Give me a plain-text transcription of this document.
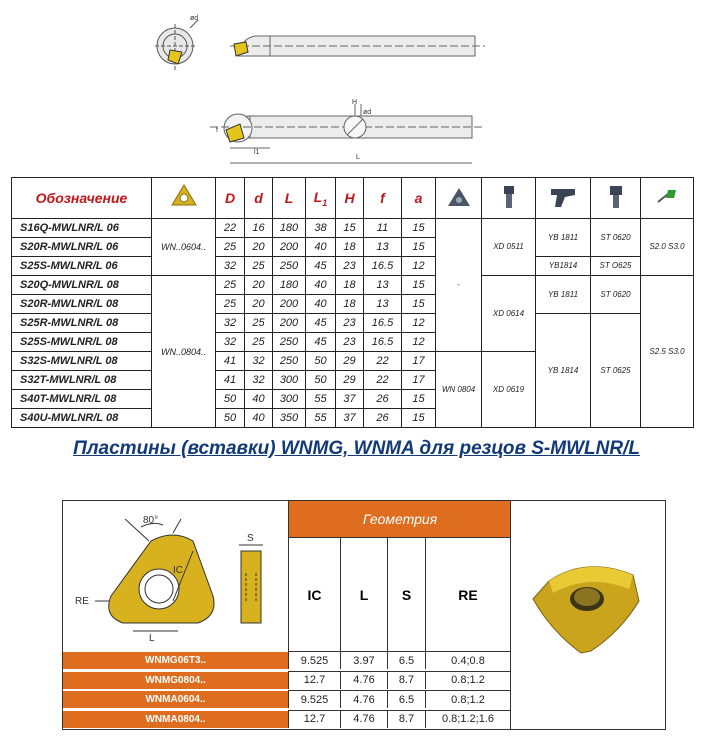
ød
H
ød
f
l1
L
Обозначение		D	d	L	$L_1$	H	f	a					
S16Q-MWLNR/L 06	WN..0604..	22	16	180	38	15	11	15	-	XD 0511	YB 1811	ST 0620	S2.0 S3.0
S20R-MWLNR/L 06		25	20	200	40	18	13	15					
S25S-MWLNR/L 06		32	25	250	45	23	16.5	12			YB1814	ST O625	
S20Q-MWLNR/L 08	WN..0804..	25	20	180	40	18	13	15		XD 0614	YB 1811	ST 0620	S2.5 S3.0
S20R-MWLNR/L 08		25	20	200	40	18	13	15					
S25R-MWLNR/L 08		32	25	200	45	23	16.5	12			YB 1814	ST 0625	
S25S-MWLNR/L 08		32	25	250	45	23	16.5	12					
S32S-MWLNR/L 08		41	32	250	50	29	22	17	WN 0804	XD 0619			
S32T-MWLNR/L 08		41	32	300	50	29	22	17					
S40T-MWLNR/L 08		50	40	300	55	37	26	15					
S40U-MWLNR/L 08		50	40	350	55	37	26	15					
Пластины (вставки) WNMG, WNMA для резцов S-MWLNR/L
80°
IC
RE
L
S
Геометрия
IC	L	S	RE
WNMG06T3..	9.525	3.97	6.5	0.4;0.8
WNMG0804..	12.7	4.76	8.7	0.8;1.2
WNMA0604..	9.525	4.76	6.5	0.8;1.2
WNMA0804..	12.7	4.76	8.7	0.8;1.2;1.6
